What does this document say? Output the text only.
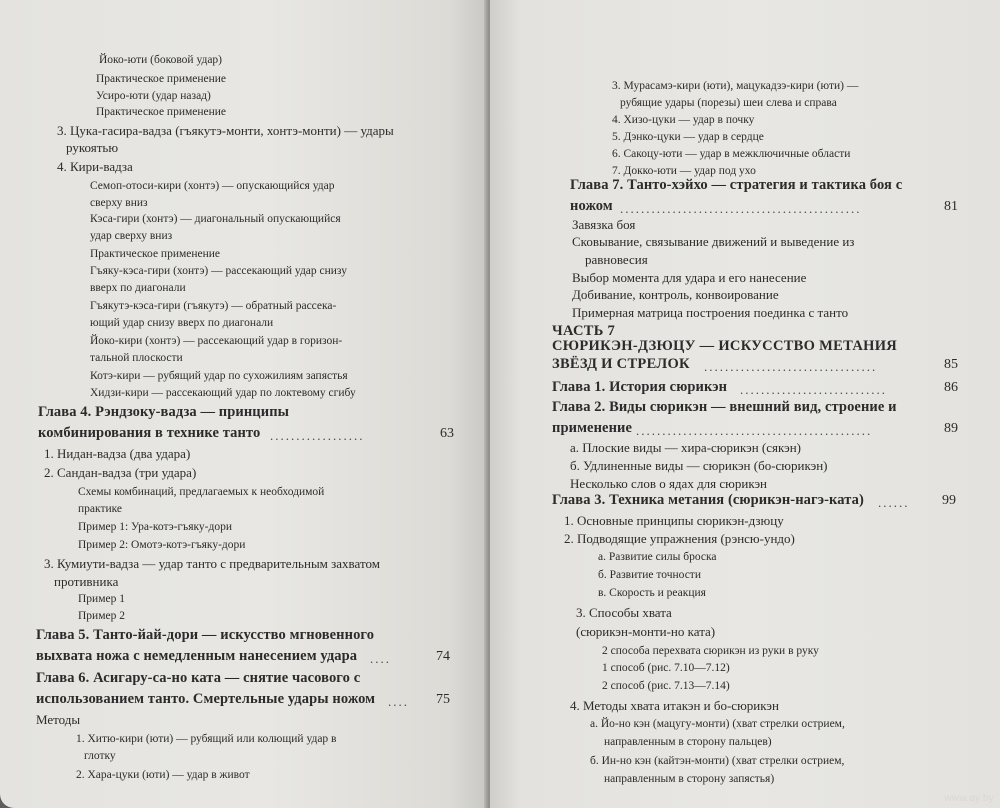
Йоко-юти (боковой удар)
Практическое применение
Усиро-юти (удар назад)
Практическое применение
3. Цука-гасира-вадза (гъякутэ-монти, хонтэ-монти) — удары
рукоятью
4. Кири-вадза
Семоп-отоси-кири (хонтэ) — опускающийся удар
сверху вниз
Кэса-гири (хонтэ) — диагональный опускающийся
удар сверху вниз
Практическое применение
Гъяку-кэса-гири (хонтэ) — рассекающий удар снизу
вверх по диагонали
Гъякутэ-кэса-гири (гъякутэ) — обратный рассека-
ющий удар снизу вверх по диагонали
Йоко-кири (хонтэ) — рассекающий удар в горизон-
тальной плоскости
Котэ-кири — рубящий удар по сухожилиям запястья
Хидзи-кири — рассекающий удар по локтевому сгибу
Глава 4. Рэндзоку-вадза — принципы
комбинирования в технике танто ..................	63
1. Нидан-вадза (два удара)
2. Сандан-вадза (три удара)
Схемы комбинаций, предлагаемых к необходимой
практике
Пример 1: Ура-котэ-гъяку-дори
Пример 2: Омотэ-котэ-гъяку-дори
3. Кумиути-вадза — удар танто с предварительным захватом
противника
Пример 1
Пример 2
Глава 5. Танто-йай-дори — искусство мгновенного
выхвата ножа с немедленным нанесением удара ....	74
Глава 6. Асигару-са-но ката — снятие часового с
использованием танто. Смертельные удары ножом .... 75
Методы
1. Хитю-кири (юти) — рубящий или колющий удар в
глотку
2. Хара-цуки (юти) — удар в живот
3. Мурасамэ-кири (юти), мацукадзэ-кири (юти) —
рубящие удары (порезы) шеи слева и справа
4. Хизо-цуки — удар в почку
5. Дэнко-цуки — удар в сердце
6. Сакоцу-юти — удар в межключичные области
7. Докко-юти — удар под ухо
Глава 7. Танто-хэйхо — стратегия и тактика боя с
ножом ..............................................	81
Завязка боя
Сковывание, связывание движений и выведение из
равновесия
Выбор момента для удара и его нанесение
Добивание, контроль, конвоирование
Примерная матрица построения поединка с танто
ЧАСТЬ 7
СЮРИКЭН-ДЗЮЦУ — ИСКУССТВО МЕТАНИЯ
ЗВЁЗД И СТРЕЛОК .................................	85
Глава 1. История сюрикэн ............................	86
Глава 2. Виды сюрикэн — внешний вид, строение и
применение .............................................	89
а. Плоские виды — хира-сюрикэн (сякэн)
б. Удлиненные виды — сюрикэн (бо-сюрикэн)
Несколько слов о ядах для сюрикэн
Глава 3. Техника метания (сюрикэн-нагэ-ката) ...... 99
1. Основные принципы сюрикэн-дзюцу
2. Подводящие упражнения (рэнсю-ундо)
а. Развитие силы броска
б. Развитие точности
в. Скорость и реакция
3. Способы хвата
(сюрикэн-монти-но ката)
2 способа перехвата сюрикэн из руки в руку
1 способ (рис. 7.10—7.12)
2 способ (рис. 7.13—7.14)
4. Методы хвата итакэн и бо-сюрикэн
а. Йо-но кэн (мацугу-монти) (хват стрелки острием,
направленным в сторону пальцев)
б. Ин-но кэн (кайтэн-монти) (хват стрелки острием,
направленным в сторону запястья)
www.ay.by
